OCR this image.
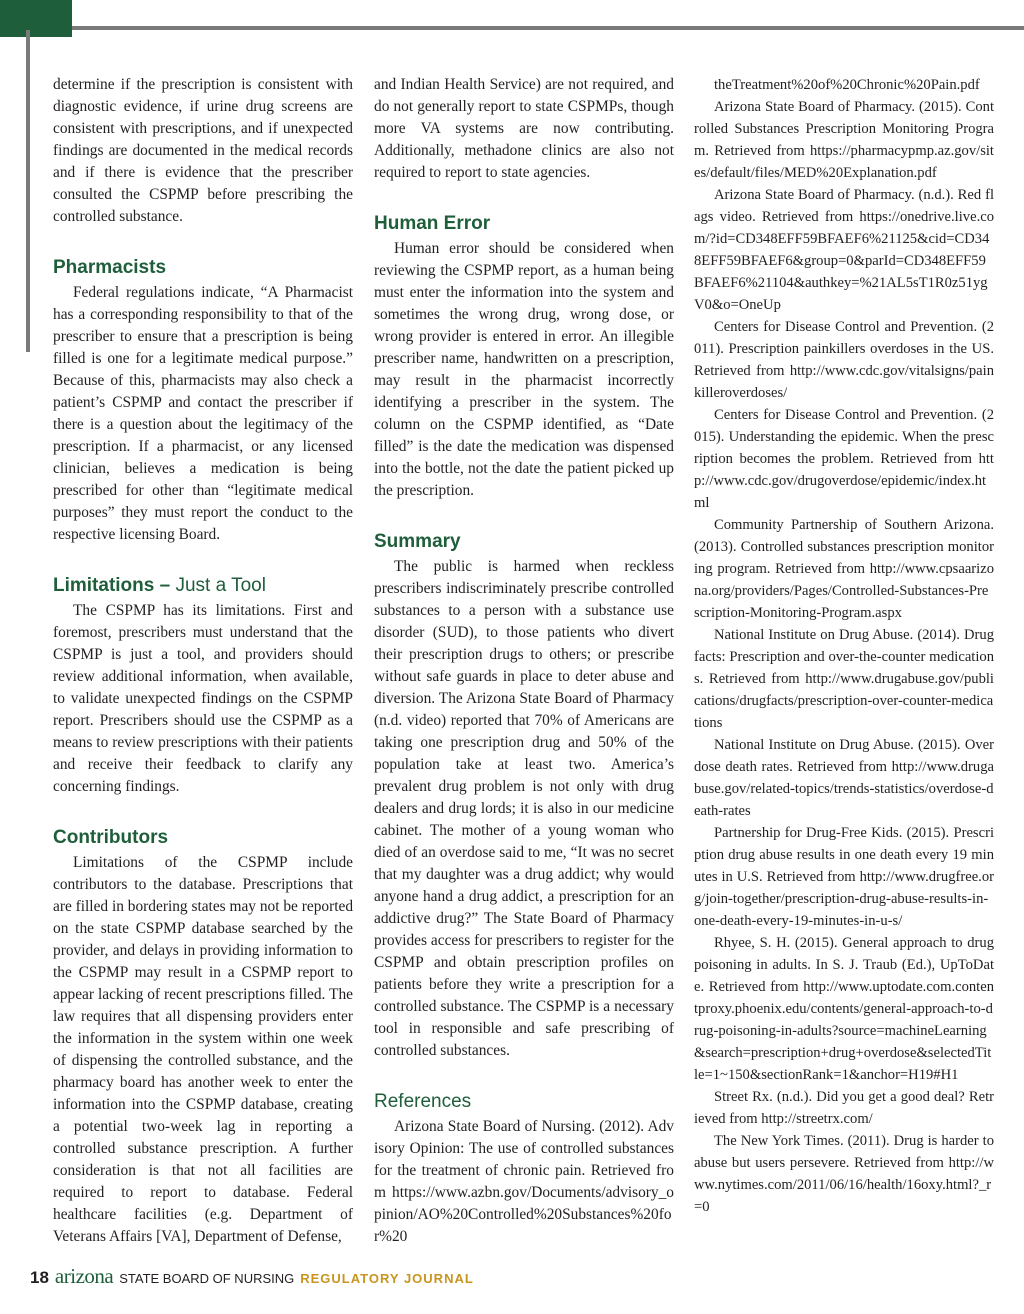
determine if the prescription is consistent with diagnostic evidence, if urine drug screens are consistent with prescriptions, and if unexpected findings are documented in the medical records and if there is evidence that the prescriber consulted the CSPMP before prescribing the controlled substance.

Pharmacists

Federal regulations indicate, “A Pharmacist has a corresponding responsibility to that of the prescriber to ensure that a prescription is being filled is one for a legitimate medical purpose.” Because of this, pharmacists may also check a patient’s CSPMP and contact the prescriber if there is a question about the legitimacy of the prescription. If a pharmacist, or any licensed clinician, believes a medication is being prescribed for other than “legitimate medical purposes” they must report the conduct to the respective licensing Board.

Limitations – Just a Tool

The CSPMP has its limitations. First and foremost, prescribers must understand that the CSPMP is just a tool, and providers should review additional information, when available, to validate unexpected findings on the CSPMP report. Prescribers should use the CSPMP as a means to review prescriptions with their patients and receive their feedback to clarify any concerning findings.

Contributors

Limitations of the CSPMP include contributors to the database. Prescriptions that are filled in bordering states may not be reported on the state CSPMP database searched by the provider, and delays in providing information to the CSPMP may result in a CSPMP report to appear lacking of recent prescriptions filled. The law requires that all dispensing providers enter the information in the system within one week of dispensing the controlled substance, and the pharmacy board has another week to enter the information into the CSPMP database, creating a potential two-week lag in reporting a controlled substance prescription. A further consideration is that not all facilities are required to report to database. Federal healthcare facilities (e.g. Department of Veterans Affairs [VA], Department of Defense,

and Indian Health Service) are not required, and do not generally report to state CSPMPs, though more VA systems are now contributing. Additionally, methadone clinics are also not required to report to state agencies.

Human Error

Human error should be considered when reviewing the CSPMP report, as a human being must enter the information into the system and sometimes the wrong drug, wrong dose, or wrong provider is entered in error. An illegible prescriber name, handwritten on a prescription, may result in the pharmacist incorrectly identifying a prescriber in the system. The column on the CSPMP identified, as “Date filled” is the date the medication was dispensed into the bottle, not the date the patient picked up the prescription.

Summary

The public is harmed when reckless prescribers indiscriminately prescribe controlled substances to a person with a substance use disorder (SUD), to those patients who divert their prescription drugs to others; or prescribe without safe guards in place to deter abuse and diversion. The Arizona State Board of Pharmacy (n.d. video) reported that 70% of Americans are taking one prescription drug and 50% of the population take at least two. America’s prevalent drug problem is not only with drug dealers and drug lords; it is also in our medicine cabinet. The mother of a young woman who died of an overdose said to me, “It was no secret that my daughter was a drug addict; why would anyone hand a drug addict, a prescription for an addictive drug?” The State Board of Pharmacy provides access for prescribers to register for the CSPMP and obtain prescription profiles on patients before they write a prescription for a controlled substance. The CSPMP is a necessary tool in responsible and safe prescribing of controlled substances.

References

Arizona State Board of Nursing. (2012). Advisory Opinion: The use of controlled substances for the treatment of chronic pain. Retrieved from https://www.azbn.gov/Documents/advisory_opinion/AO%20Controlled%20Substances%20for%20

theTreatment%20of%20Chronic%20Pain.pdf

Arizona State Board of Pharmacy. (2015). Controlled Substances Prescription Monitoring Program. Retrieved from https://pharmacypmp.az.gov/sites/default/files/MED%20Explanation.pdf

Arizona State Board of Pharmacy. (n.d.). Red flags video. Retrieved from https://onedrive.live.com/?id=CD348EFF59BFAEF6%21125&cid=CD348EFF59BFAEF6&group=0&parId=CD348EFF59BFAEF6%21104&authkey=%21AL5sT1R0z51ygV0&o=OneUp

Centers for Disease Control and Prevention. (2011). Prescription painkillers overdoses in the US. Retrieved from http://www.cdc.gov/vitalsigns/painkilleroverdoses/

Centers for Disease Control and Prevention. (2015). Understanding the epidemic. When the prescription becomes the problem. Retrieved from http://www.cdc.gov/drugoverdose/epidemic/index.html

Community Partnership of Southern Arizona. (2013). Controlled substances prescription monitoring program. Retrieved from http://www.cpsaarizona.org/providers/Pages/Controlled-Substances-Prescription-Monitoring-Program.aspx

National Institute on Drug Abuse. (2014). Drug facts: Prescription and over-the-counter medications. Retrieved from http://www.drugabuse.gov/publications/drugfacts/prescription-over-counter-medications

National Institute on Drug Abuse. (2015). Overdose death rates. Retrieved from http://www.drugabuse.gov/related-topics/trends-statistics/overdose-death-rates

Partnership for Drug-Free Kids. (2015). Prescription drug abuse results in one death every 19 minutes in U.S. Retrieved from http://www.drugfree.org/join-together/prescription-drug-abuse-results-in-one-death-every-19-minutes-in-u-s/

Rhyee, S. H. (2015). General approach to drug poisoning in adults. In S. J. Traub (Ed.), UpToDate. Retrieved from http://www.uptodate.com.contentproxy.phoenix.edu/contents/general-approach-to-drug-poisoning-in-adults?source=machineLearning&search=prescription+drug+overdose&selectedTitle=1~150&sectionRank=1&anchor=H19#H1

Street Rx. (n.d.). Did you get a good deal? Retrieved from http://streetrx.com/

The New York Times. (2011). Drug is harder to abuse but users persevere. Retrieved from http://www.nytimes.com/2011/06/16/health/16oxy.html?_r=0

18 arizona STATE BOARD OF NURSING REGULATORY JOURNAL
